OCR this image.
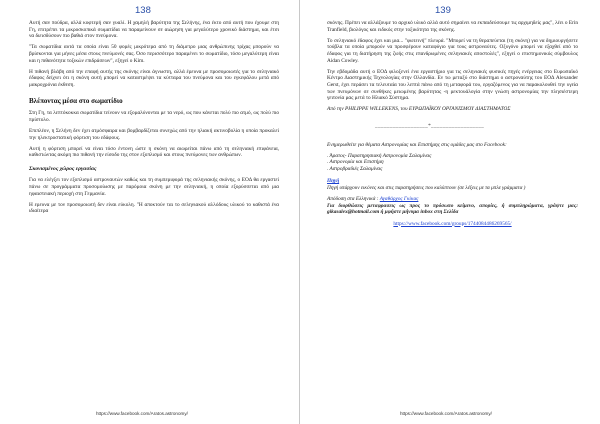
138

Αυτή σαν πούδρα, αλλά κοφτερή σαν γυαλί. Η χαμηλή βαρύτητα της Σελήνης, ένα έκτο από αυτή που έχουμε στη Γη, επιτρέπει τα μικροσκοπικά σωματίδια να παραμείνουν σε αιώρηση για μεγαλύτερο χρονικό διάστημα, και έτσι να διεισδύσουν πιο βαθιά στον πνεύμονα.

"Τα σωματίδια αυτά τα οποία είναι 50 φορές μικρότερα από τη διάμετρο μιας ανθρώπινης τρίχας μπορούν να βρίσκονται για μήνες μέσα στους πνεύμονές σας. Όσο περισσότερο παραμένει το σωματίδιο, τόσο μεγαλύτερη είναι και η πιθανότητα τοξικών επιδράσεων", εξηγεί ο Kim.

Η πιθανή βλάβη από την επαφή αυτής της σκόνης είναι άγνωστη, αλλά έρευνα με προσομοιωτές για το σεληνιακό έδαφος δείχνει ότι η σκόνη αυτή μπορεί να καταστρέψει τα κύτταρα του πνεύμονα και του εγκεφάλου μετά από μακροχρόνια έκθεση.

Βλέποντας μέσα στο σωματίδιο

Στη Γη, τα λεπτόκοκκα σωματίδια τείνουν να εξομαλύνονται με τα νερό, ως που κάνεται πολύ πιο ατμό, ως πολύ πιο πρίστολο.

Επιπλέον, η Σελήνη δεν έχει ατμόσφαιρα και βομβαρδίζεται συνεχώς από την ηλιακή ακτινοβολία η οποία προκαλεί την ηλεκτροστατική φόρτιση του εδάφους.

Αυτή η φόρτιση μπορεί να είναι τόσο έντονη ώστε η σκόνη να αιωρείται πάνω από τη σεληνιακή επιφάνεια, καθιστώντας ακόμη πιο πιθανή την είσοδο της στον εξοπλισμό και στους πνεύμονες των ανθρώπων.

Σκονισμένος χώρος εργασίας

Για να ελέγξει τον εξοπλισμό αστροναυτών καθώς και τη συμπεριφορά της σεληνιακής σκόνης, ο ΕΟΔ θα εργαστεί πάνω σε προγράμματα προσομοίωσης με παρόμοια σκόνη με την σεληνιακή, η οποία εξορύσσεται από μια ηφαιστειακή περιοχή στη Γερμανία.

Η ερευνα με τον προσομοιωτή δεν είναι εύκολη. "Η αποκτούν ται το σεληνιακού αλλόδους υλικού το καθιστά ένα ιδιαίτερα

https://www.facebook.com/Aratos.astronomy/
139

σκόνης. Πρέπει να αλλάζουμε το αρχικό υλικό αλλά αυτό σημαίνει να εκπαιδεύσουμε τις αρχιμηδείς μας", λέει ο Erin Tranfield, βιολόγος και ειδικός στην τοξικότητα της σκόνης.

Το σεληνιακό έδαφος έχει και μια... "φωτεινή" πλευρά. "Μπορεί να τη θεραπεύεται (τη σκόνη) για να δημιουργήσετε τούβλα τα οποία μπορούν να προσφέρουν καταφύγιο για τους αστροναύτες. Οξυγόνο μπορεί να εξαχθεί από το έδαφος για τη διατήρηση της ζωής στις επανδρωμένες σεληνιακές αποστολές", εξηγεί ο επιστημονικός σύμβουλος Aidan Cowley.

Την εβδομάδα αυτή ο ΕΟΔ φιλοξενεί ένα εργαστήριο για τις σεληνιακές φυσικές πηγές ενέργειας στο Ευρωπαϊκό Κέντρο Διαστημικής Τεχνολογίας στην Ολλανδία. Εν τω μεταξύ στο διάστημα ο αστροναύτης του ΕΟΔ Alexander Gerst, έχει περάσει τα τελευταία του λεπτά πάνω από τη μεταφορά του, εργαζόμενος για να παρακολουθεί την υγεία των πνευμόνων σε συνθήκες μειωμένης βαρύτητας -η ρεκτουάλογία στην γνώση αστρονομίας την πλησιέστερη γειτονία μας μετά το Ηλιακό Σύστημα.

Από την PHILIPPE WILLEKENS, του ΕΥΡΩΠΑΪΚΟΥ ΟΡΓΑΝΙΣΜΟΥ ΔΙΑΣΤΗΜΑΤΟΣ

__________________*__________________

Ενημερωθείτε για θέματα Αστρονομίας και Επιστήμης στις ομάδες μας στο Facebook:

. Άρατος- Παρατηρησιακή Αστρονομία Σαλαμίνας
. Αστρονομία και Επιστήμη
. Αστροβραδιές Σαλαμίνας
Πηγή

Πηγή υπάρχουν εικόνες και στις παρατηρήσεις που καλύπτουν (σε λέξεις με τα μπλε γράμματα )

Απόδοση στα Ελληνικά : Αγαθάρχος Γκίκας

Για διορθώσεις μεταφρασεις ως προς το πρόσωπο κείμενο, απορίες, ή συμπληρώματα, γράψτε μας: gikasalex@hotmail.com ή μφήστε μήνυμα inbox στη Σελίδα

https://www.facebook.com/groups/1744084486269565/
https://www.facebook.com/Aratos.astronomy/
